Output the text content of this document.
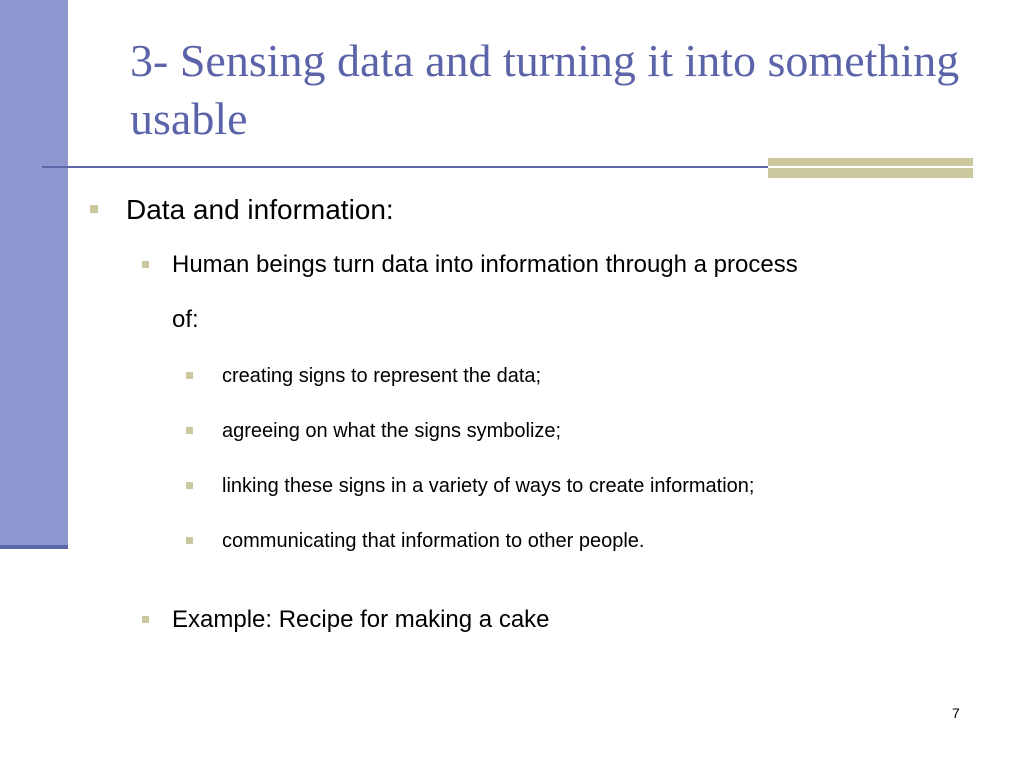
3- Sensing data and turning it into something usable
Data and information:
Human beings turn data into information through a process
of:
creating signs to represent the data;
agreeing on what the signs symbolize;
linking these signs in a variety of ways to create information;
communicating that information to other people.
Example: Recipe for making a cake
7
